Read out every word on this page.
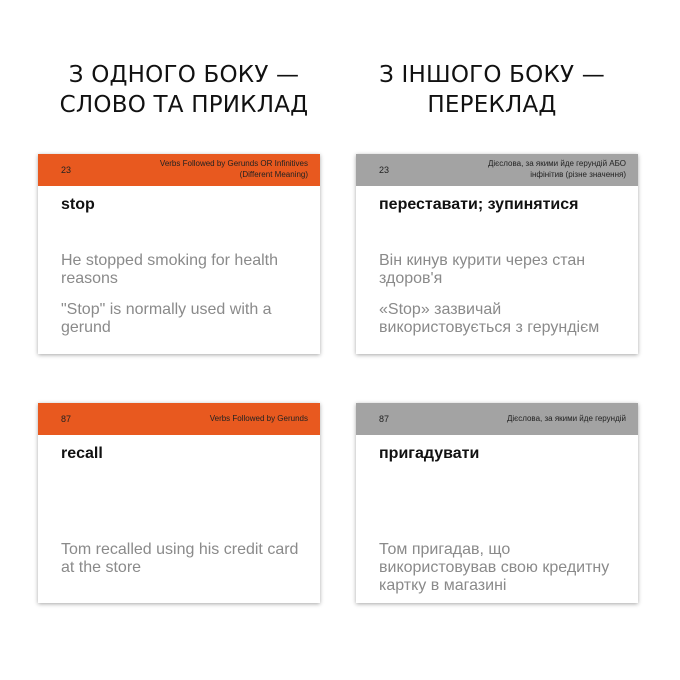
З ОДНОГО БОКУ —
СЛОВО ТА ПРИКЛАД
З ІНШОГО БОКУ —
ПЕРЕКЛАД
23
Verbs Followed by Gerunds OR Infinitives (Different Meaning)
stop

He stopped smoking for health reasons

"Stop" is normally used with a gerund

23
Дієслова, за якими йде герундій АБО інфінітив (різне значення)
переставати; зупинятися

Він кинув курити через стан здоров'я

«Stop» зазвичай використовується з герундієм

87	Verbs Followed by Gerunds
recall

Tom recalled using his credit card at the store

87	Дієслова, за якими йде герундій
пригадувати

Том пригадав, що використовував свою кредитну картку в магазині
